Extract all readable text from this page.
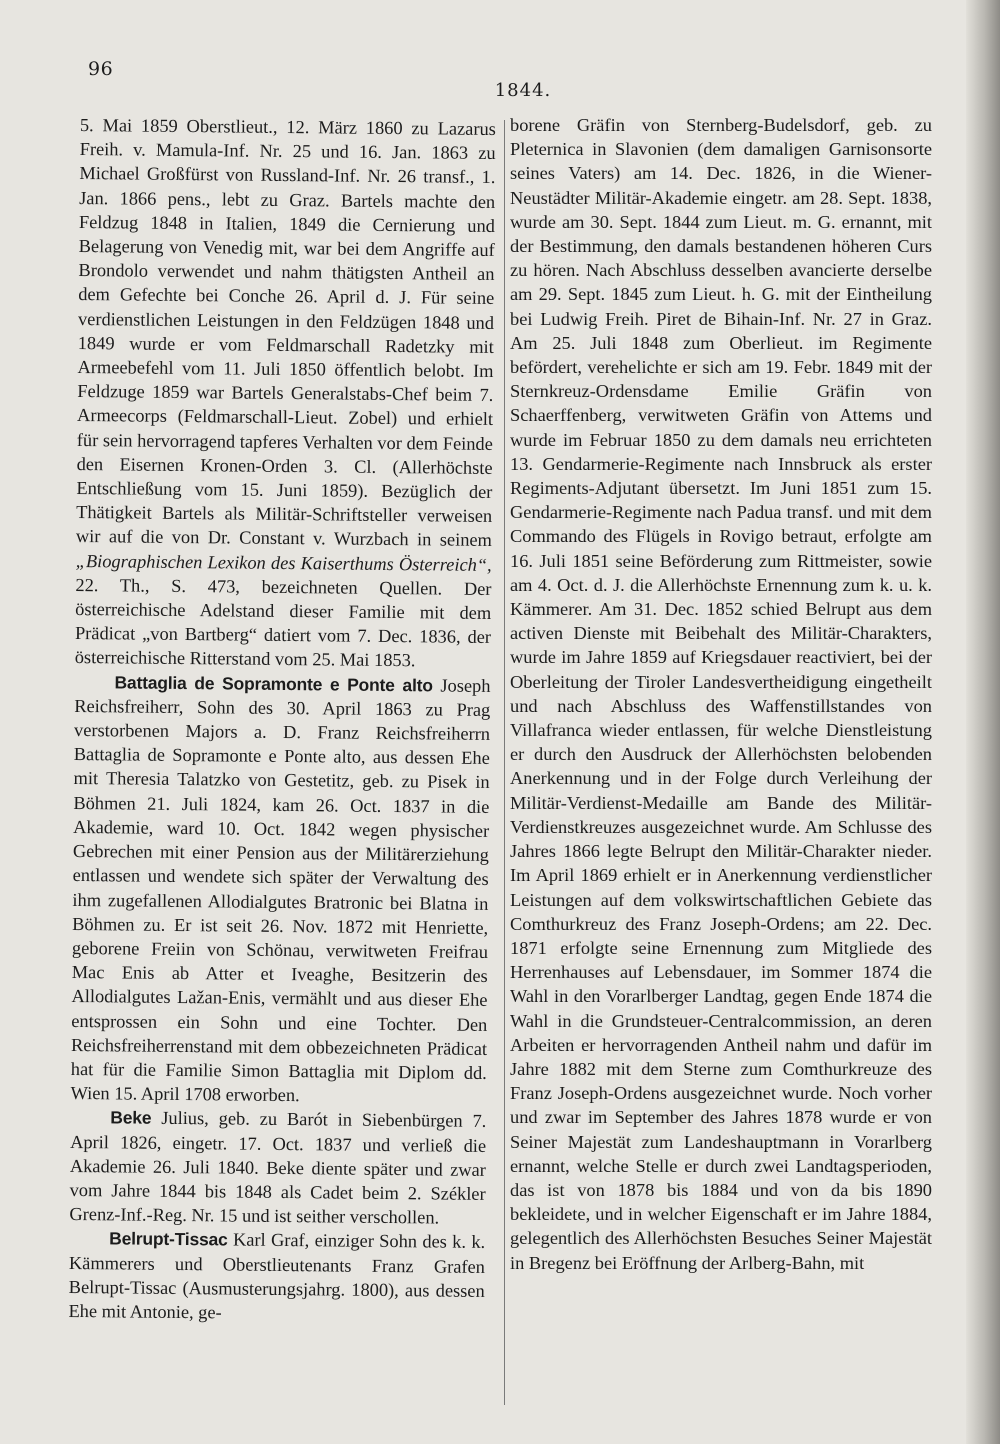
96
1844.

5. Mai 1859 Oberstlieut., 12. März 1860 zu Lazarus Freih. v. Mamula-Inf. Nr. 25 und 16. Jan. 1863 zu Michael Großfürst von Russland-Inf. Nr. 26 transf., 1. Jan. 1866 pens., lebt zu Graz. Bartels machte den Feldzug 1848 in Italien, 1849 die Cernierung und Belagerung von Venedig mit, war bei dem Angriffe auf Brondolo verwendet und nahm thätigsten Antheil an dem Gefechte bei Conche 26. April d. J. Für seine verdienstlichen Leistungen in den Feldzügen 1848 und 1849 wurde er vom Feldmarschall Radetzky mit Armeebefehl vom 11. Juli 1850 öffentlich belobt. Im Feldzuge 1859 war Bartels Generalstabs-Chef beim 7. Armeecorps (Feldmarschall-Lieut. Zobel) und erhielt für sein hervorragend tapferes Verhalten vor dem Feinde den Eisernen Kronen-Orden 3. Cl. (Allerhöchste Entschließung vom 15. Juni 1859). Bezüglich der Thätigkeit Bartels als Militär-Schriftsteller verweisen wir auf die von Dr. Constant v. Wurzbach in seinem „Biographischen Lexikon des Kaiserthums Österreich“, 22. Th., S. 473, bezeichneten Quellen. Der österreichische Adelstand dieser Familie mit dem Prädicat „von Bartberg“ datiert vom 7. Dec. 1836, der österreichische Ritterstand vom 25. Mai 1853.

Battaglia de Sopramonte e Ponte alto Joseph Reichsfreiherr, Sohn des 30. April 1863 zu Prag verstorbenen Majors a. D. Franz Reichsfreiherrn Battaglia de Sopramonte e Ponte alto, aus dessen Ehe mit Theresia Talatzko von Gestetitz, geb. zu Pisek in Böhmen 21. Juli 1824, kam 26. Oct. 1837 in die Akademie, ward 10. Oct. 1842 wegen physischer Gebrechen mit einer Pension aus der Militärerziehung entlassen und wendete sich später der Verwaltung des ihm zugefallenen Allodialgutes Bratronic bei Blatna in Böhmen zu. Er ist seit 26. Nov. 1872 mit Henriette, geborene Freiin von Schönau, verwitweten Freifrau Mac Enis ab Atter et Iveaghe, Besitzerin des Allodialgutes Lažan-Enis, vermählt und aus dieser Ehe entsprossen ein Sohn und eine Tochter. Den Reichsfreiherrenstand mit dem obbezeichneten Prädicat hat für die Familie Simon Battaglia mit Diplom dd. Wien 15. April 1708 erworben.

Beke Julius, geb. zu Barót in Siebenbürgen 7. April 1826, eingetr. 17. Oct. 1837 und verließ die Akademie 26. Juli 1840. Beke diente später und zwar vom Jahre 1844 bis 1848 als Cadet beim 2. Székler Grenz-Inf.-Reg. Nr. 15 und ist seither verschollen.

Belrupt-Tissac Karl Graf, einziger Sohn des k. k. Kämmerers und Oberstlieutenants Franz Grafen Belrupt-Tissac (Ausmusterungsjahrg. 1800), aus dessen Ehe mit Antonie, ge-

borene Gräfin von Sternberg-Budelsdorf, geb. zu Pleternica in Slavonien (dem damaligen Garnisonsorte seines Vaters) am 14. Dec. 1826, in die Wiener-Neustädter Militär-Akademie eingetr. am 28. Sept. 1838, wurde am 30. Sept. 1844 zum Lieut. m. G. ernannt, mit der Bestimmung, den damals bestandenen höheren Curs zu hören. Nach Abschluss desselben avancierte derselbe am 29. Sept. 1845 zum Lieut. h. G. mit der Eintheilung bei Ludwig Freih. Piret de Bihain-Inf. Nr. 27 in Graz. Am 25. Juli 1848 zum Oberlieut. im Regimente befördert, verehelichte er sich am 19. Febr. 1849 mit der Sternkreuz-Ordensdame Emilie Gräfin von Schaerffenberg, verwitweten Gräfin von Attems und wurde im Februar 1850 zu dem damals neu errichteten 13. Gendarmerie-Regimente nach Innsbruck als erster Regiments-Adjutant übersetzt. Im Juni 1851 zum 15. Gendarmerie-Regimente nach Padua transf. und mit dem Commando des Flügels in Rovigo betraut, erfolgte am 16. Juli 1851 seine Beförderung zum Rittmeister, sowie am 4. Oct. d. J. die Allerhöchste Ernennung zum k. u. k. Kämmerer. Am 31. Dec. 1852 schied Belrupt aus dem activen Dienste mit Beibehalt des Militär-Charakters, wurde im Jahre 1859 auf Kriegsdauer reactiviert, bei der Oberleitung der Tiroler Landesvertheidigung eingetheilt und nach Abschluss des Waffenstillstandes von Villafranca wieder entlassen, für welche Dienstleistung er durch den Ausdruck der Allerhöchsten belobenden Anerkennung und in der Folge durch Verleihung der Militär-Verdienst-Medaille am Bande des Militär-Verdienstkreuzes ausgezeichnet wurde. Am Schlusse des Jahres 1866 legte Belrupt den Militär-Charakter nieder. Im April 1869 erhielt er in Anerkennung verdienstlicher Leistungen auf dem volkswirtschaftlichen Gebiete das Comthurkreuz des Franz Joseph-Ordens; am 22. Dec. 1871 erfolgte seine Ernennung zum Mitgliede des Herrenhauses auf Lebensdauer, im Sommer 1874 die Wahl in den Vorarlberger Landtag, gegen Ende 1874 die Wahl in die Grundsteuer-Centralcommission, an deren Arbeiten er hervorragenden Antheil nahm und dafür im Jahre 1882 mit dem Sterne zum Comthurkreuze des Franz Joseph-Ordens ausgezeichnet wurde. Noch vorher und zwar im September des Jahres 1878 wurde er von Seiner Majestät zum Landeshauptmann in Vorarlberg ernannt, welche Stelle er durch zwei Landtagsperioden, das ist von 1878 bis 1884 und von da bis 1890 bekleidete, und in welcher Eigenschaft er im Jahre 1884, gelegentlich des Allerhöchsten Besuches Seiner Majestät in Bregenz bei Eröffnung der Arlberg-Bahn, mit
